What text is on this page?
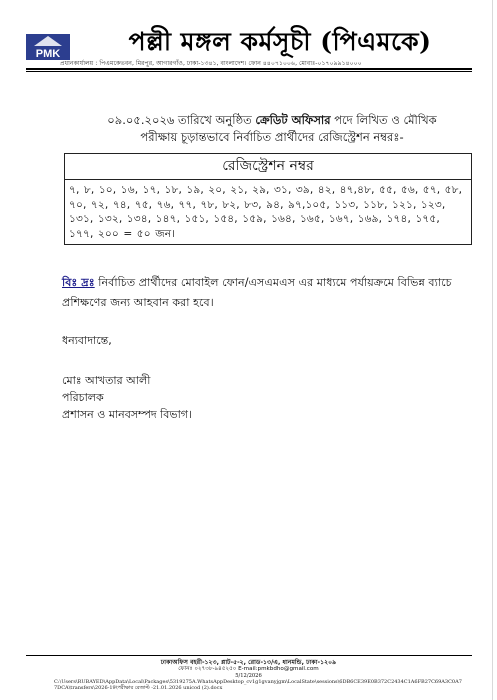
PMK	পল্লী মঙ্গল কর্মসূচী (পিএমকে)
প্রধানকার্যালয় : পিএমকেভবন, মিরপুর, আগারগাঁও, ঢাকা-১৩৪১, বাংলাদেশ। ফোন ৪৪০৭১০০৬, মোবাঃ-০১৭০৯৯১৪০০০
০৯.০৫.২০২৬ তারিখে অনুষ্ঠিত ক্রেডিট অফিসার পদে লিখিত ও মৌখিক
পরীক্ষায় চূড়ান্তভাবে নির্বাচিত প্রার্থীদের রেজিস্ট্রেশন নম্বরঃ-
রেজিস্ট্রেশন নম্বর
৭, ৮, ১০, ১৬, ১৭, ১৮, ১৯, ২০, ২১, ২৯, ৩১, ৩৯, ৪২, ৪৭,৪৮, ৫৫, ৫৬, ৫৭, ৫৮, ৭০, ৭২, ৭৪, ৭৫, ৭৬, ৭৭, ৭৮, ৮২, ৮৩, ৯৪, ৯৭,১০৫, ১১৩, ১১৮, ১২১, ১২৩, ১৩১, ১৩২, ১৩৪, ১৪৭, ১৫১, ১৫৪, ১৫৯, ১৬৪, ১৬৫, ১৬৭, ১৬৯, ১৭৪, ১৭৫, ১৭৭, ২০০ = ৫০ জন।
বিঃ দ্রঃ নির্বাচিত প্রার্থীদের মোবাইল ফোন/এসএমএস এর মাধ্যমে পর্যায়ক্রমে বিভিন্ন ব্যাচে প্রশিক্ষণের জন্য আহবান করা হবে।
ধন্যবাদান্তে,
মোঃ আখতার আলী
পরিচালক
প্রশাসন ও মানবসম্পদ বিভাগ।
ঢাকাঅফিস বহরী-১২৩, প্লাট-৫-২, রোড-১৩/এ, ধানমন্ডি, ঢাকা-১২০৯
ফোনঃ ০২৭৩৮-৯৪৫২৫০ E-mail:pmkbdho@gmail.com
5/12/2026
C:\Users\RUBAYED\AppData\Local\Packages\5319275A.WhatsAppDesktop_cv1g1gvanyjgm\LocalState\sessions\6DB6CE39E0B372C2434C1A6FB27C69A3C0A77DCA\transfers\2026-19\পরীক্ষার রেজাল্ট -21.01.2026 unicod (2).docx
